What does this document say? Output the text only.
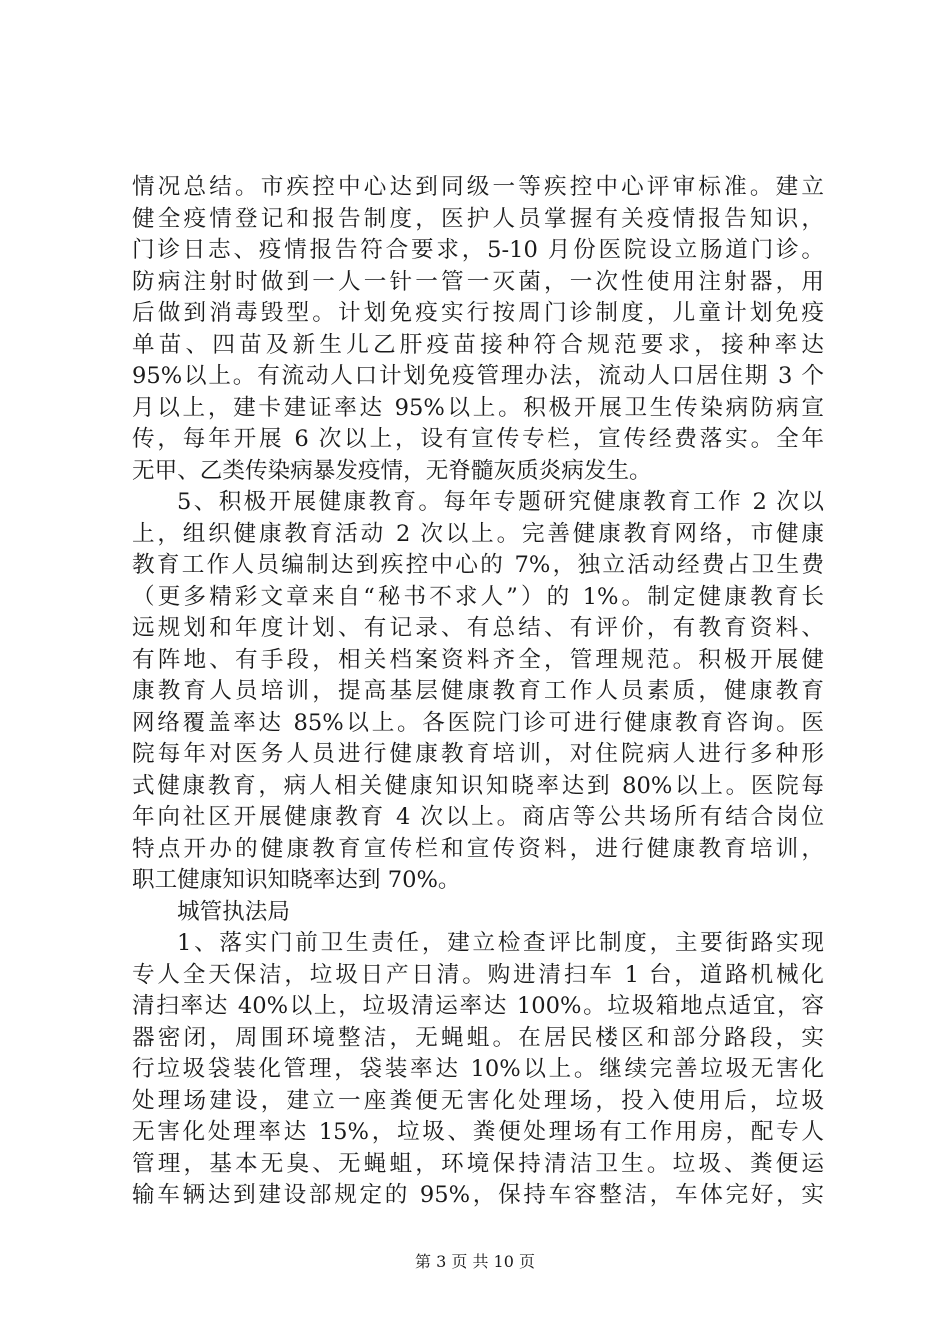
情况总结。市疾控中心达到同级一等疾控中心评审标准。建立
健全疫情登记和报告制度，医护人员掌握有关疫情报告知识，
门诊日志、疫情报告符合要求，5-10 月份医院设立肠道门诊。
防病注射时做到一人一针一管一灭菌，一次性使用注射器，用
后做到消毒毁型。计划免疫实行按周门诊制度，儿童计划免疫
单苗、四苗及新生儿乙肝疫苗接种符合规范要求，接种率达
95%以上。有流动人口计划免疫管理办法，流动人口居住期 3 个
月以上，建卡建证率达 95%以上。积极开展卫生传染病防病宣
传，每年开展 6 次以上，设有宣传专栏，宣传经费落实。全年
无甲、乙类传染病暴发疫情，无脊髓灰质炎病发生。
5、积极开展健康教育。每年专题研究健康教育工作 2 次以
上，组织健康教育活动 2 次以上。完善健康教育网络，市健康
教育工作人员编制达到疾控中心的 7%，独立活动经费占卫生费
（更多精彩文章来自“秘书不求人”）的 1%。制定健康教育长
远规划和年度计划、有记录、有总结、有评价，有教育资料、
有阵地、有手段，相关档案资料齐全，管理规范。积极开展健
康教育人员培训，提高基层健康教育工作人员素质，健康教育
网络覆盖率达 85%以上。各医院门诊可进行健康教育咨询。医
院每年对医务人员进行健康教育培训，对住院病人进行多种形
式健康教育，病人相关健康知识知晓率达到 80%以上。医院每
年向社区开展健康教育 4 次以上。商店等公共场所有结合岗位
特点开办的健康教育宣传栏和宣传资料，进行健康教育培训，
职工健康知识知晓率达到 70%。
城管执法局
1、落实门前卫生责任，建立检查评比制度，主要街路实现
专人全天保洁，垃圾日产日清。购进清扫车 1 台，道路机械化
清扫率达 40%以上，垃圾清运率达 100%。垃圾箱地点适宜，容
器密闭，周围环境整洁，无蝇蛆。在居民楼区和部分路段，实
行垃圾袋装化管理，袋装率达 10%以上。继续完善垃圾无害化
处理场建设，建立一座粪便无害化处理场，投入使用后，垃圾
无害化处理率达 15%，垃圾、粪便处理场有工作用房，配专人
管理，基本无臭、无蝇蛆，环境保持清洁卫生。垃圾、粪便运
输车辆达到建设部规定的 95%，保持车容整洁，车体完好，实
第 3 页 共 10 页
